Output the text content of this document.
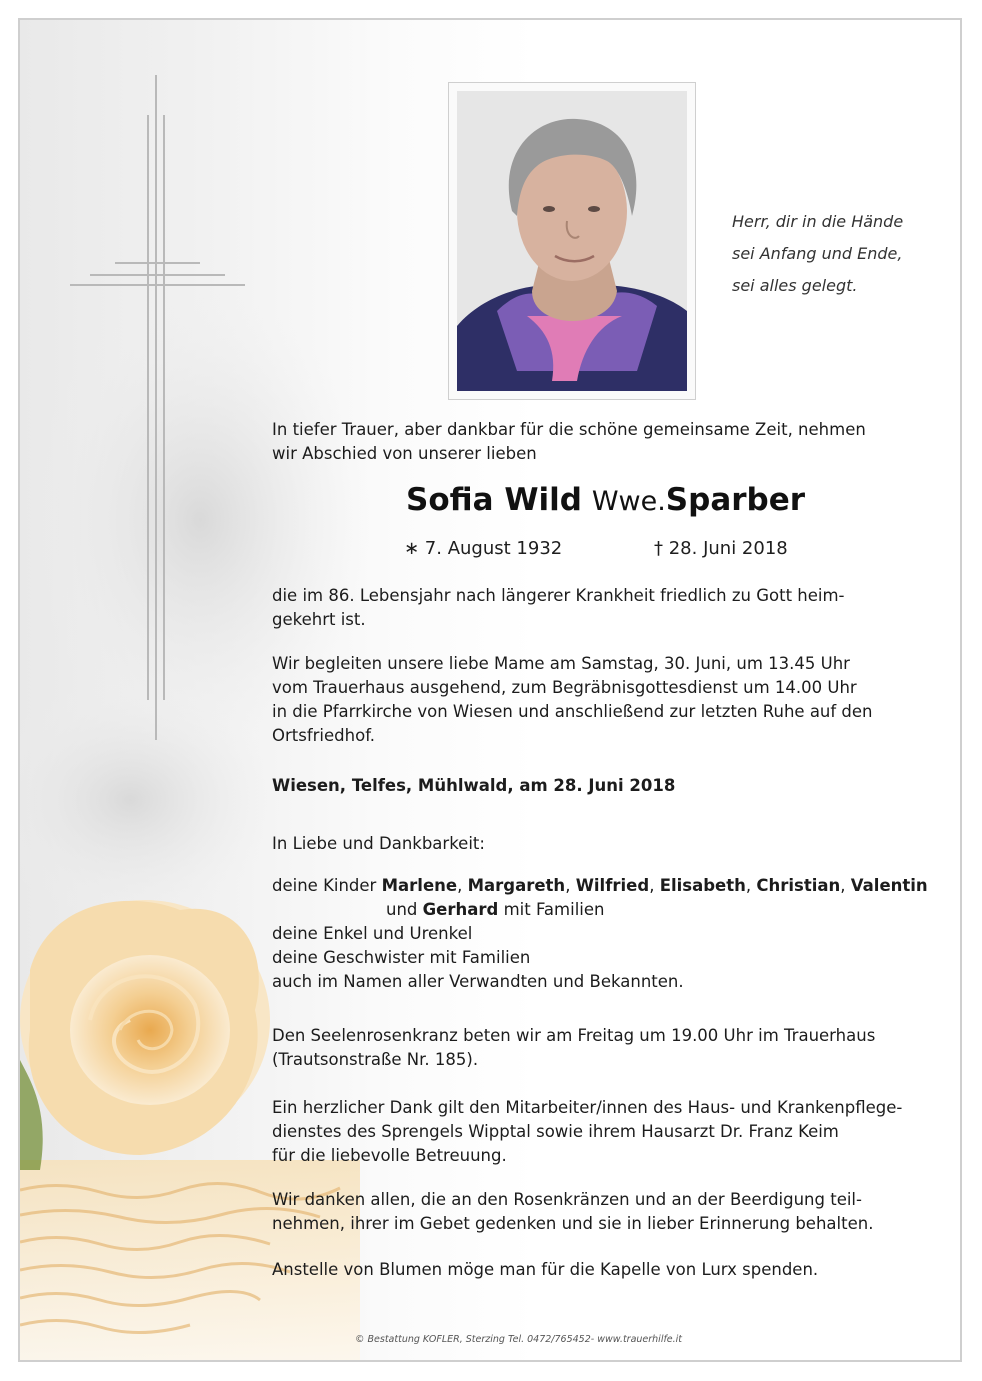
Herr, dir in die Hände
sei Anfang und Ende,
sei alles gelegt.
In tiefer Trauer, aber dankbar für die schöne gemeinsame Zeit, nehmen
wir Abschied von unserer lieben
Sofia Wild Wwe.Sparber
∗ 7. August 1932	† 28. Juni 2018
die im 86. Lebensjahr nach längerer Krankheit friedlich zu Gott heim-
gekehrt ist.
Wir begleiten unsere liebe Mame am Samstag, 30. Juni, um 13.45 Uhr
vom Trauerhaus ausgehend, zum Begräbnisgottesdienst um 14.00 Uhr
in die Pfarrkirche von Wiesen und anschließend zur letzten Ruhe auf den
Ortsfriedhof.
Wiesen, Telfes, Mühlwald, am 28. Juni 2018
In Liebe und Dankbarkeit:
deine Kinder Marlene, Margareth, Wilfried, Elisabeth, Christian, Valentin
und Gerhard mit Familien
deine Enkel und Urenkel
deine Geschwister mit Familien
auch im Namen aller Verwandten und Bekannten.
Den Seelenrosenkranz beten wir am Freitag um 19.00 Uhr im Trauerhaus
(Trautsonstraße Nr. 185).
Ein herzlicher Dank gilt den Mitarbeiter/innen des Haus- und Krankenpflege-
dienstes des Sprengels Wipptal sowie ihrem Hausarzt Dr. Franz Keim
für die liebevolle Betreuung.
Wir danken allen, die an den Rosenkränzen und an der Beerdigung teil-
nehmen, ihrer im Gebet gedenken und sie in lieber Erinnerung behalten.
Anstelle von Blumen möge man für die Kapelle von Lurx spenden.
© Bestattung KOFLER, Sterzing Tel. 0472/765452- www.trauerhilfe.it
